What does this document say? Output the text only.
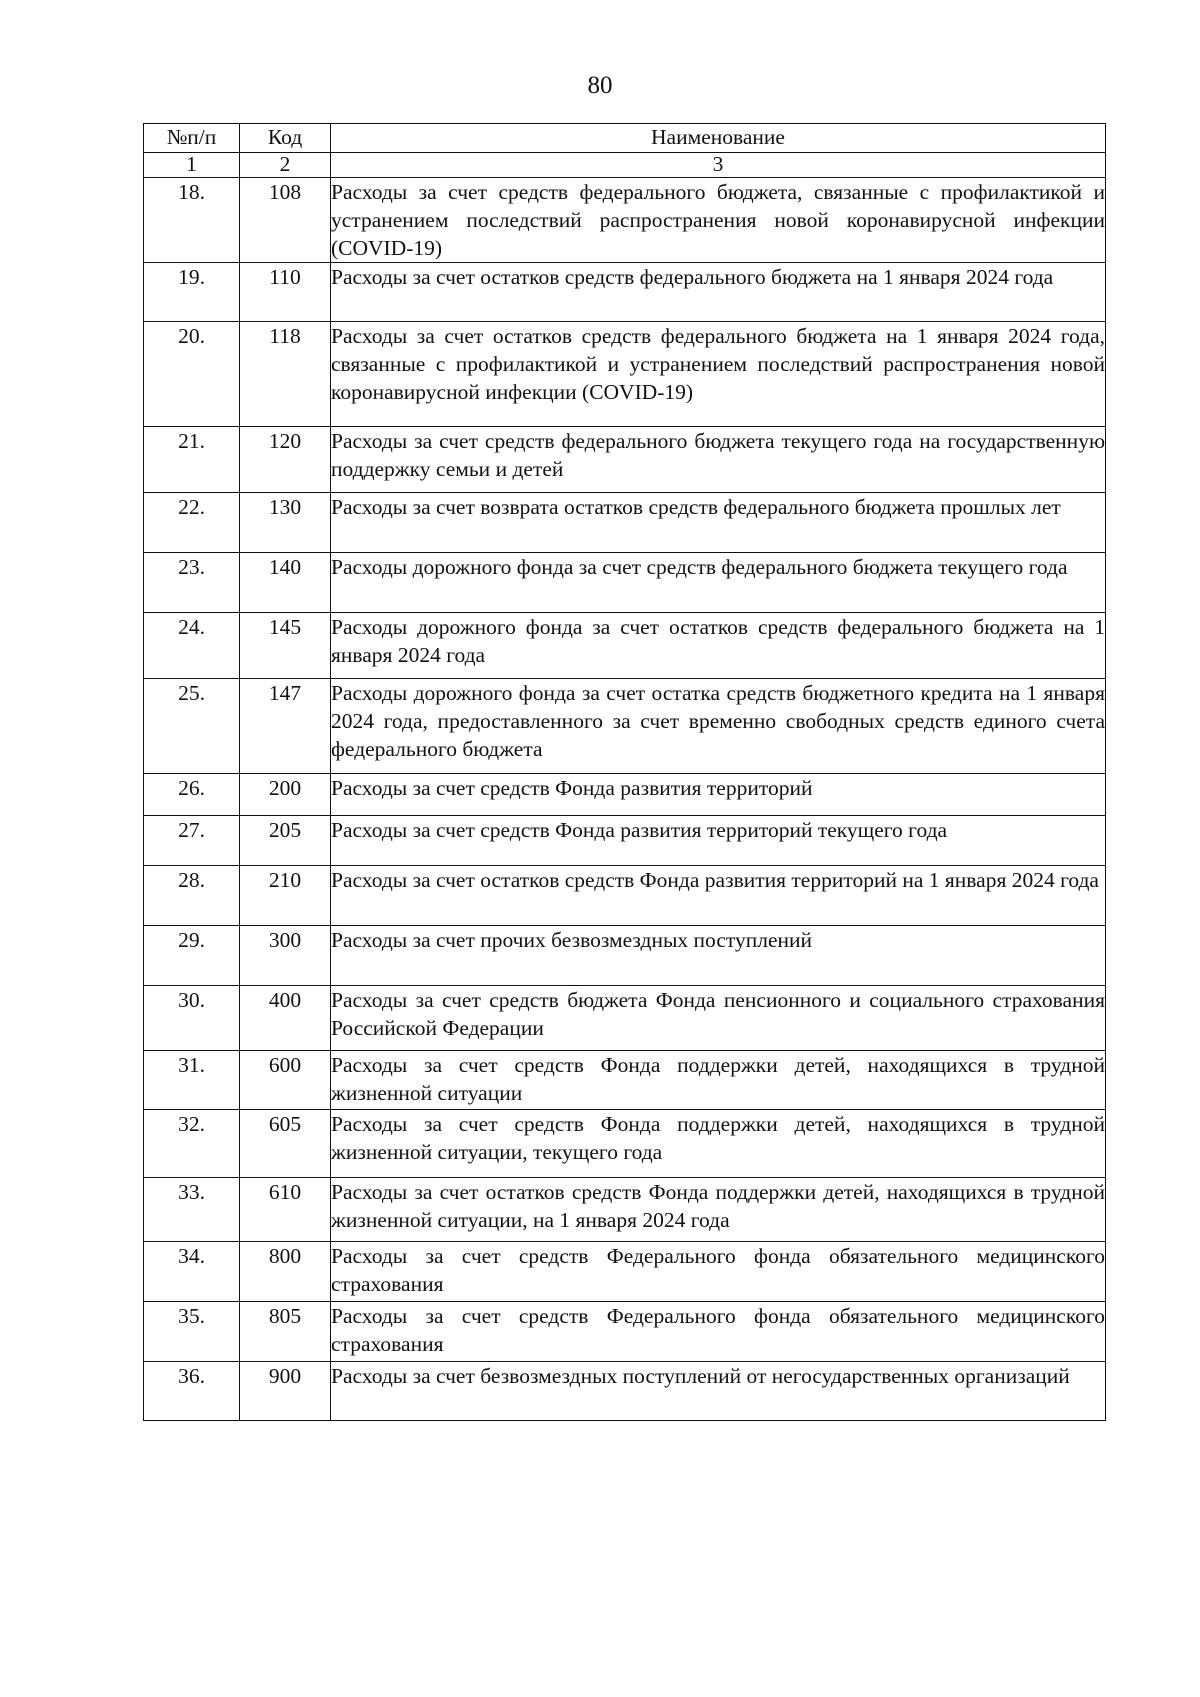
80
№п/п	Код	Наименование
1	2	3
18.	108	Расходы за счет средств федерального бюджета, связанные с профилактикой и устранением последствий распространения новой коронавирусной инфекции (COVID-19)
19.	110	Расходы за счет остатков средств федерального бюджета на 1 января 2024 года
20.	118	Расходы за счет остатков средств федерального бюджета на 1 января 2024 года, связанные с профилактикой и устранением последствий распространения новой коронавирусной инфекции (COVID-19)
21.	120	Расходы за счет средств федерального бюджета текущего года на государственную поддержку семьи и детей
22.	130	Расходы за счет возврата остатков средств федерального бюджета прошлых лет
23.	140	Расходы дорожного фонда за счет средств федерального бюджета текущего года
24.	145	Расходы дорожного фонда за счет остатков средств федерального бюджета на 1 января 2024 года
25.	147	Расходы дорожного фонда за счет остатка средств бюджетного кредита на 1 января 2024 года, предоставленного за счет временно свободных средств единого счета федерального бюджета
26.	200	Расходы за счет средств Фонда развития территорий
27.	205	Расходы за счет средств Фонда развития территорий текущего года
28.	210	Расходы за счет остатков средств Фонда развития территорий на 1 января 2024 года
29.	300	Расходы за счет прочих безвозмездных поступлений
30.	400	Расходы за счет средств бюджета Фонда пенсионного и социального страхования Российской Федерации
31.	600	Расходы за счет средств Фонда поддержки детей, находящихся в трудной жизненной ситуации
32.	605	Расходы за счет средств Фонда поддержки детей, находящихся в трудной жизненной ситуации, текущего года
33.	610	Расходы за счет остатков средств Фонда поддержки детей, находящихся в трудной жизненной ситуации, на 1 января 2024 года
34.	800	Расходы за счет средств Федерального фонда обязательного медицинского страхования
35.	805	Расходы за счет средств Федерального фонда обязательного медицинского страхования
36.	900	Расходы за счет безвозмездных поступлений от негосударственных организаций
